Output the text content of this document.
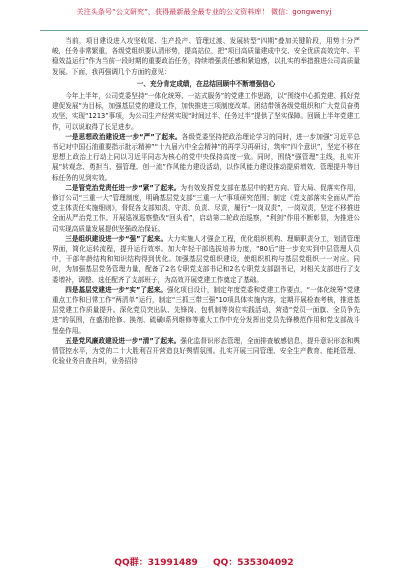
关注头条号“公文研究”，获得最新最全最专业的公文资料库！ 微信：gongwenyj

当前，项目建设进入攻坚收尾、生产投产、管理过渡、发展转型“四期”叠加关键阶段，用势十分严峻，任务非常繁重，各级党组织要认清形势，提高站位，把“项目高质量建成中交、安全优质高效完年、平稳效益运行”作为当前一段时期的重要政治任务，持续增强责任感和紧迫感，以扎实的举措推进公司高质量发展。下面，我再强调几个方面的意见：

一、充分肯定成绩，在总结回顾中不断增强信心

今年上半年，公司党委坚持“一体化统筹、一站式服务”的党建工作思路，以“围绕中心抓党建、抓好党建促发展”为目标，加强基层党的建设工作，加快推进三项制度改革。团结带领各级党组织和广大党员奋勇攻坚，实现“1213”事项，为公司生产经营实现“时间过半、任务过半”提供了坚实保障。回顾上半年党建工作，可以说取得了长足进步。

一是思想政治建设进一步“严”了起来。各级党委坚持把政治理论学习的同时，进一步加强“习近平总书记对中国石油重要指示批示精神”“十九届六中全会精神”的再学习再研讨，筑牢“四个意识”，坚定不移在思想上政治上行动上同以习近平同志为核心的党中央保持高度一致。同时，围绕“强管理”主线，扎实开展“转观念、勇担当、强管理、创一流”作风能力建设活动，以作风能力建设推动提质增效、管理提升等目标任务的见到实效。

二是管党治党责任进一步“紧”了起来。为有效发挥党支部在基层中的把方向、管大局、促落实作用，修订公司“三重一大”管理制度，明确基层党支部“三重一大”事项研究范围；制定《党支部落实全面从严治党主体责任实施细则》，督促各支部知责、守责、负责、尽责，履行“一岗双责”，一岗双责，坚定不移推进全面从严治党工作。开展巡视巡察整改“回头看”，启动第二轮政治巡察，“利剑”作用不断彰显，为推进公司实现高质量发展提供坚强政治保证。

三是组织建设进一步“强”了起来。大力实施人才强企工程，优化组织机构、理顺职责分工，划清管理界面，简化运转流程，提升运行效率。加大年轻干部选拔培养力度，“80后”进一步充实到中层管理人员中，干部年龄结构和知识结构得到优化。加强基层党组织建设，使组织机构与基层党组织一一对应。同时，为加强基层党务管理力量，配备了2名专职党支部书记和2名专职党支部副书记，对相关支部进行了支委增补，调整、选任配齐了支部班子，为高效开展党建工作奠定了基础。

四是基层党建进一步“实”了起来。强化项目设计，制定年度党委和党建工作要点，“一体化统筹”党建重点工作和日常工作“两清单”运行，制定“三抓三带三强”10项具体实施内容，定期开展检查考核，推进基层党建工作质量提升。深化党员突出队、先锋岗、包机制等岗位实践活动，营造“党员一面旗、全员争先进”的氛围，在盛油抢修、换剂、硫磺Ⅰ系列维修等重大工作中充分发挥出党员先锋模范作用和党支部战斗堡垒作用。

五是党风廉政建设进一步“清”了起来。强化监督识形态管理，全面排查敏感信息，提升意识形态和舆情管控水平，为党的二十大胜利召开营造良好舆情氛围。扎实开展三同管理、安全生产教育、能耗管理、化验业务自查自纠，业务招待

QQ群：31991489 QQ：535304092
